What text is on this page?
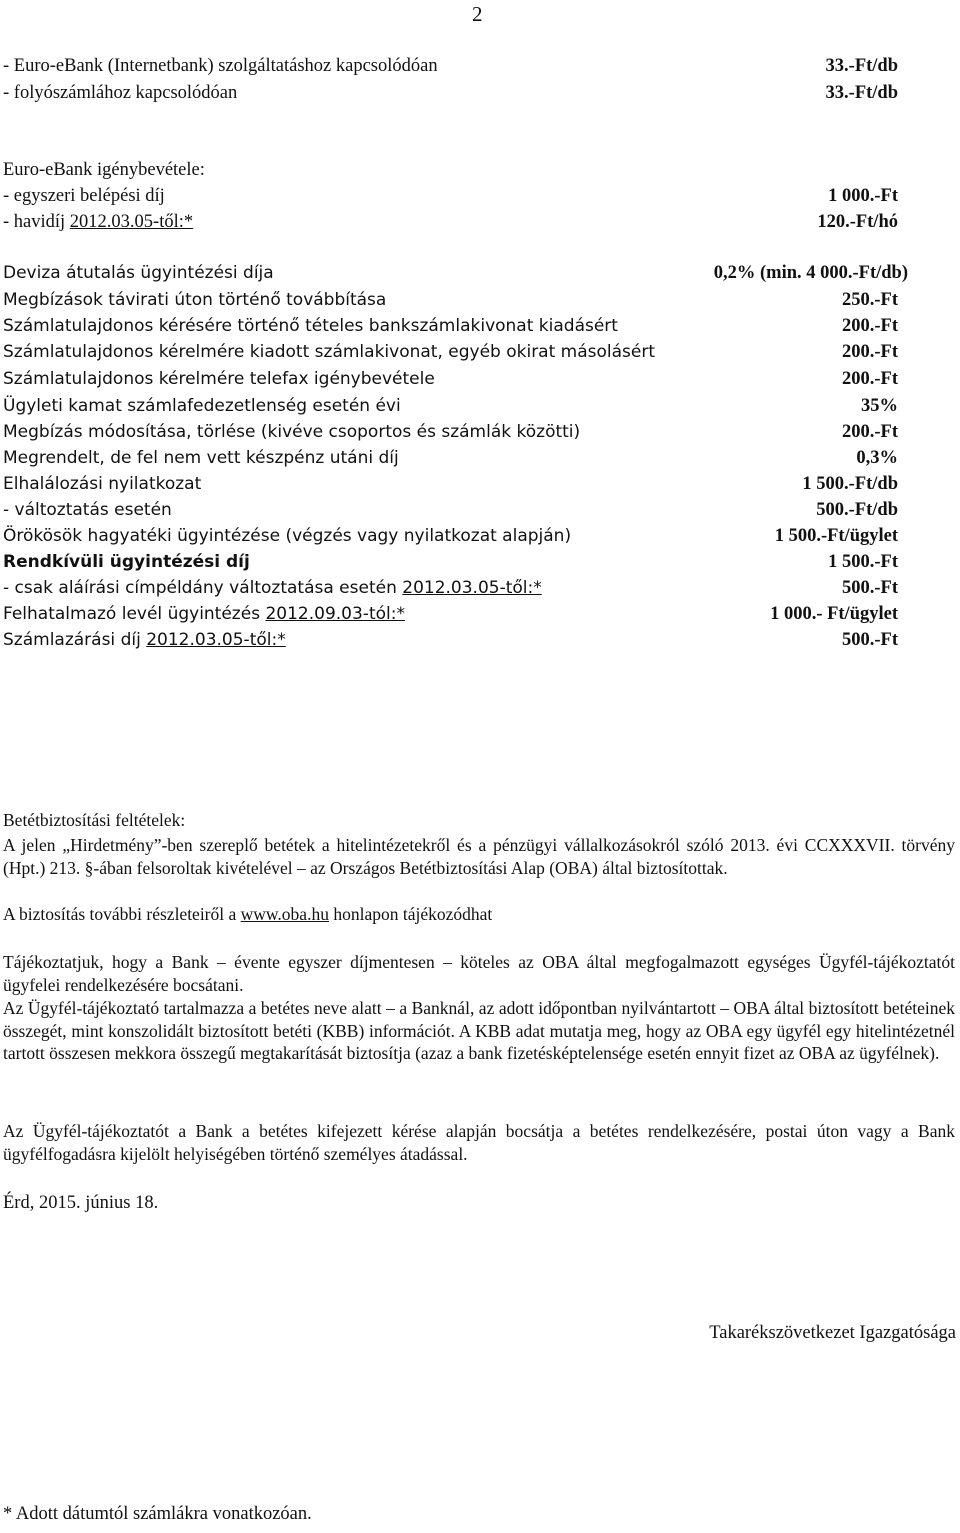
2
- Euro-eBank (Internetbank) szolgáltatáshoz kapcsolódóan	33.-Ft/db
- folyószámlához kapcsolódóan	33.-Ft/db
Euro-eBank igénybevétele:
- egyszeri belépési díj	1 000.-Ft
- havidíj 2012.03.05-től:*	120.-Ft/hó
Deviza átutalás ügyintézési díja	0,2% (min. 4 000.-Ft/db)
Megbízások távirati úton történő továbbítása	250.-Ft
Számlatulajdonos kérésére történő tételes bankszámlakivonat kiadásért	200.-Ft
Számlatulajdonos kérelmére kiadott számlakivonat, egyéb okirat másolásért	200.-Ft
Számlatulajdonos kérelmére telefax igénybevétele	200.-Ft
Ügyleti kamat számlafedezetlenség esetén évi	35%
Megbízás módosítása, törlése (kivéve csoportos és számlák közötti)	200.-Ft
Megrendelt, de fel nem vett készpénz utáni díj	0,3%
Elhalálozási nyilatkozat	1 500.-Ft/db
- változtatás esetén	500.-Ft/db
Örökösök hagyatéki ügyintézése (végzés vagy nyilatkozat alapján)	1 500.-Ft/ügylet
Rendkívüli ügyintézési díj	1 500.-Ft
- csak aláírási címpéldány változtatása esetén 2012.03.05-től:*	500.-Ft
Felhatalmazó levél ügyintézés 2012.09.03-tól:*	1 000.- Ft/ügylet
Számlazárási díj 2012.03.05-től:*	500.-Ft
Betétbiztosítási feltételek:
A jelen „Hirdetmény”-ben szereplő betétek a hitelintézetekről és a pénzügyi vállalkozásokról szóló 2013. évi CCXXXVII. törvény (Hpt.) 213. §-ában felsoroltak kivételével – az Országos Betétbiztosítási Alap (OBA) által biztosítottak.
A biztosítás további részleteiről a www.oba.hu honlapon tájékozódhat
Tájékoztatjuk, hogy a Bank – évente egyszer díjmentesen – köteles az OBA által megfogalmazott egységes Ügyfél-tájékoztatót ügyfelei rendelkezésére bocsátani.
Az Ügyfél-tájékoztató tartalmazza a betétes neve alatt – a Banknál, az adott időpontban nyilvántartott – OBA által biztosított betéteinek összegét, mint konszolidált biztosított betéti (KBB) információt. A KBB adat mutatja meg, hogy az OBA egy ügyfél egy hitelintézetnél tartott összesen mekkora összegű megtakarítását biztosítja (azaz a bank fizetésképtelensége esetén ennyit fizet az OBA az ügyfélnek).
Az Ügyfél-tájékoztatót a Bank a betétes kifejezett kérése alapján bocsátja a betétes rendelkezésére, postai úton vagy a Bank ügyfélfogadásra kijelölt helyiségében történő személyes átadással.
Érd, 2015. június 18.
Takarékszövetkezet Igazgatósága
* Adott dátumtól számlákra vonatkozóan.
